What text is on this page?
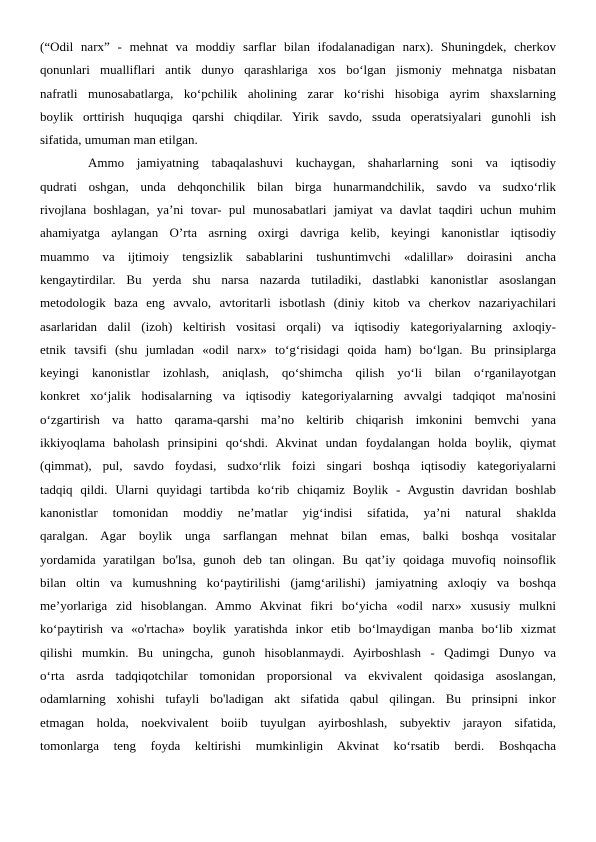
(“Odil narx” - mehnat va moddiy sarflar bilan ifodalanadigan narx). Shuningdek, cherkov
qonunlari mualliflari antik dunyo qarashlariga xos bo‘lgan jismoniy mehnatga nisbatan
nafratli munosabatlarga, ko‘pchilik aholining zarar ko‘rishi hisobiga ayrim shaxslarning
boylik orttirish huquqiga qarshi chiqdilar. Yirik savdo, ssuda operatsiyalari gunohli ish
sifatida, umuman man etilgan.
Ammo jamiyatning tabaqalashuvi kuchaygan, shaharlarning soni va iqtisodiy
qudrati oshgan, unda dehqonchilik bilan birga hunarmandchilik, savdo va sudxo‘rlik
rivojlana boshlagan, ya’ni tovar- pul munosabatlari jamiyat va davlat taqdiri uchun muhim
ahamiyatga aylangan O’rta asrning oxirgi davriga kelib, keyingi kanonistlar iqtisodiy
muammo va ijtimoiy tengsizlik sabablarini tushuntimvchi «dalillar» doirasini ancha
kengaytirdilar. Bu yerda shu narsa nazarda tutiladiki, dastlabki kanonistlar asoslangan
metodologik baza eng avvalo, avtoritarli isbotlash (diniy kitob va cherkov nazariyachilari
asarlaridan dalil (izoh) keltirish vositasi orqali) va iqtisodiy kategoriyalarning axloqiy-
etnik tavsifi (shu jumladan «odil narx» to‘g‘risidagi qoida ham) bo‘lgan. Bu prinsiplarga
keyingi kanonistlar izohlash, aniqlash, qo‘shimcha qilish yo‘li bilan o‘rganilayotgan
konkret xo‘jalik hodisalarning va iqtisodiy kategoriyalarning avvalgi tadqiqot ma'nosini
o‘zgartirish va hatto qarama-qarshi ma’no keltirib chiqarish imkonini bemvchi yana
ikkiyoqlama baholash prinsipini qo‘shdi. Akvinat undan foydalangan holda boylik, qiymat
(qimmat), pul, savdo foydasi, sudxo‘rlik foizi singari boshqa iqtisodiy kategoriyalarni
tadqiq qildi. Ularni quyidagi tartibda ko‘rib chiqamiz Boylik - Avgustin davridan boshlab
kanonistlar tomonidan moddiy ne’matlar yig‘indisi sifatida, ya’ni natural shaklda
qaralgan. Agar boylik unga sarflangan mehnat bilan emas, balki boshqa vositalar
yordamida yaratilgan bo'lsa, gunoh deb tan olingan. Bu qat’iy qoidaga muvofiq noinsoflik
bilan oltin va kumushning ko‘paytirilishi (jamg‘arilishi) jamiyatning axloqiy va boshqa
me’yorlariga zid hisoblangan. Ammo Akvinat fikri bo‘yicha «odil narx» xususiy mulkni
ko‘paytirish va «o'rtacha» boylik yaratishda inkor etib bo‘lmaydigan manba bo‘lib xizmat
qilishi mumkin. Bu uningcha, gunoh hisoblanmaydi. Ayirboshlash - Qadimgi Dunyo va
o‘rta asrda tadqiqotchilar tomonidan proporsional va ekvivalent qoidasiga asoslangan,
odamlarning xohishi tufayli bo'ladigan akt sifatida qabul qilingan. Bu prinsipni inkor
etmagan holda, noekvivalent boiib tuyulgan ayirboshlash, subyektiv jarayon sifatida,
tomonlarga teng foyda keltirishi mumkinligin Akvinat ko‘rsatib berdi. Boshqacha
